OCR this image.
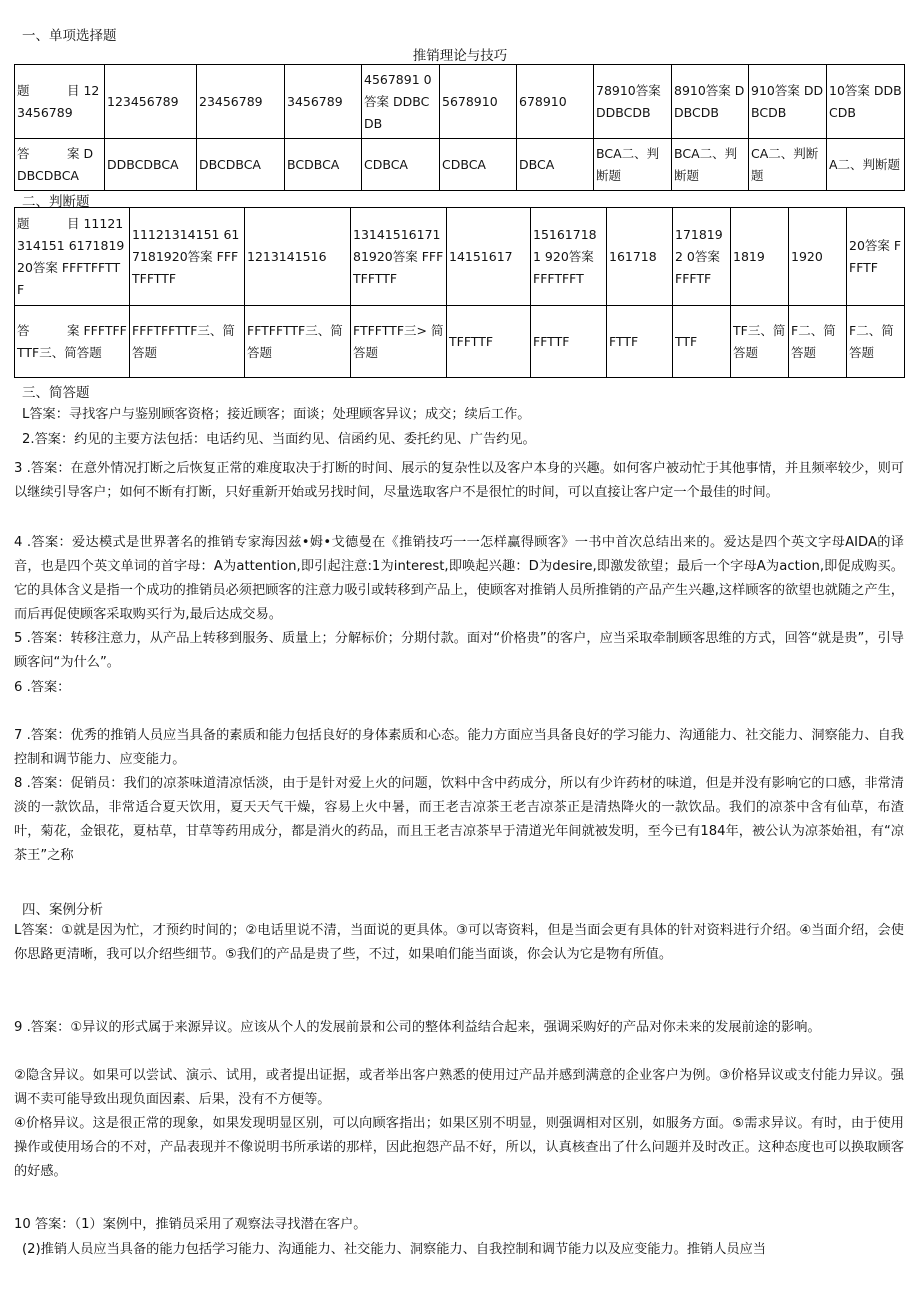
一、单项选择题
推销理论与技巧
题　　　目 123456789	123456789	23456789	3456789	4567891 0答案 DDBCDB	5678910	678910	78910答案 DDBCDB	8910答案 DDBCDB	910答案 DDBCDB	10答案 DDBCDB
答　　　案 DDBCDBCA	DDBCDBCA	DBCDBCA	BCDBCA	CDBCA	CDBCA	DBCA	BCA二、判断题	BCA二、判断题	CA二、判断题	A二、判断题
二、判断题
题　　　目 11121314151 617181920答案 FFFTFFTTF	11121314151 617181920答案 FFFTFFTTF	1213141516	13141516171 81920答案 FFFTFFTTF	14151617	151617181 920答案 FFFTFFT	161718	1718192 0答案 FFFTF	1819	1920	20答案 FFFTF
答　　　案 FFFTFFTTF三、简答题	FFFTFFTTF三、简答题	FFTFFTTF三、简答题	FTFFTTF三> 简答题	TFFTTF	FFTTF	FTTF	TTF	TF三、简答题	F二、简答题	F二、简答题
三、简答题
L答案：寻找客户与鉴别顾客资格；接近顾客；面谈；处理顾客异议；成交；续后工作。
2.答案：约见的主要方法包括：电话约见、当面约见、信函约见、委托约见、广告约见。
3 .答案：在意外情况打断之后恢复正常的难度取决于打断的时间、展示的复杂性以及客户本身的兴趣。如何客户被动忙于其他事情，并且频率较少，则可以继续引导客户；如何不断有打断，只好重新开始或另找时间，尽量选取客户不是很忙的时间，可以直接让客户定一个最佳的时间。
4 .答案：爱达模式是世界著名的推销专家海因兹•姆•戈德曼在《推销技巧一一怎样赢得顾客》一书中首次总结出来的。爱达是四个英文字母AIDA的译音，也是四个英文单词的首字母：A为attention,即引起注意:1为interest,即唤起兴趣：D为desire,即激发欲望；最后一个字母A为action,即促成购买。它的具体含义是指一个成功的推销员必须把顾客的注意力吸引或转移到产品上，使顾客对推销人员所推销的产品产生兴趣,这样顾客的欲望也就随之产生，而后再促使顾客采取购买行为,最后达成交易。
5 .答案：转移注意力，从产品上转移到服务、质量上；分解标价；分期付款。面对“价格贵”的客户，应当采取牵制顾客思维的方式，回答“就是贵”，引导顾客问“为什么”。
6 .答案：
7 .答案：优秀的推销人员应当具备的素质和能力包括良好的身体素质和心态。能力方面应当具备良好的学习能力、沟通能力、社交能力、洞察能力、自我控制和调节能力、应变能力。
8 .答案：促销员：我们的凉茶味道清凉恬淡，由于是针对爱上火的问题，饮料中含中药成分，所以有少许药材的味道，但是并没有影响它的口感，非常清淡的一款饮品，非常适合夏天饮用，夏天天气干燥，容易上火中暑，而王老吉凉茶王老吉凉茶正是清热降火的一款饮品。我们的凉茶中含有仙草，布渣叶，菊花，金银花，夏枯草，甘草等药用成分，都是消火的药品，而且王老吉凉茶早于清道光年间就被发明，至今已有184年，被公认为凉茶始祖，有“凉茶王”之称
四、案例分析
L答案：①就是因为忙，才预约时间的；②电话里说不清，当面说的更具体。③可以寄资料，但是当面会更有具体的针对资料进行介绍。④当面介绍，会使你思路更清晰，我可以介绍些细节。⑤我们的产品是贵了些，不过，如果咱们能当面谈，你会认为它是物有所值。
9 .答案：①异议的形式属于来源异议。应该从个人的发展前景和公司的整体利益结合起来，强调采购好的产品对你未来的发展前途的影响。
②隐含异议。如果可以尝试、演示、试用，或者提出证据，或者举出客户熟悉的使用过产品并感到满意的企业客户为例。③价格异议或支付能力异议。强调不卖可能导致出现负面因素、后果，没有不方便等。
④价格异议。这是很正常的现象，如果发现明显区别，可以向顾客指出；如果区别不明显，则强调相对区别，如服务方面。⑤需求异议。有时，由于使用操作或使用场合的不对，产品表现并不像说明书所承诺的那样，因此抱怨产品不好，所以，认真核查出了什么问题并及时改正。这种态度也可以换取顾客的好感。
10 答案：（1）案例中，推销员采用了观察法寻找潜在客户。
(2)推销人员应当具备的能力包括学习能力、沟通能力、社交能力、洞察能力、自我控制和调节能力以及应变能力。推销人员应当
